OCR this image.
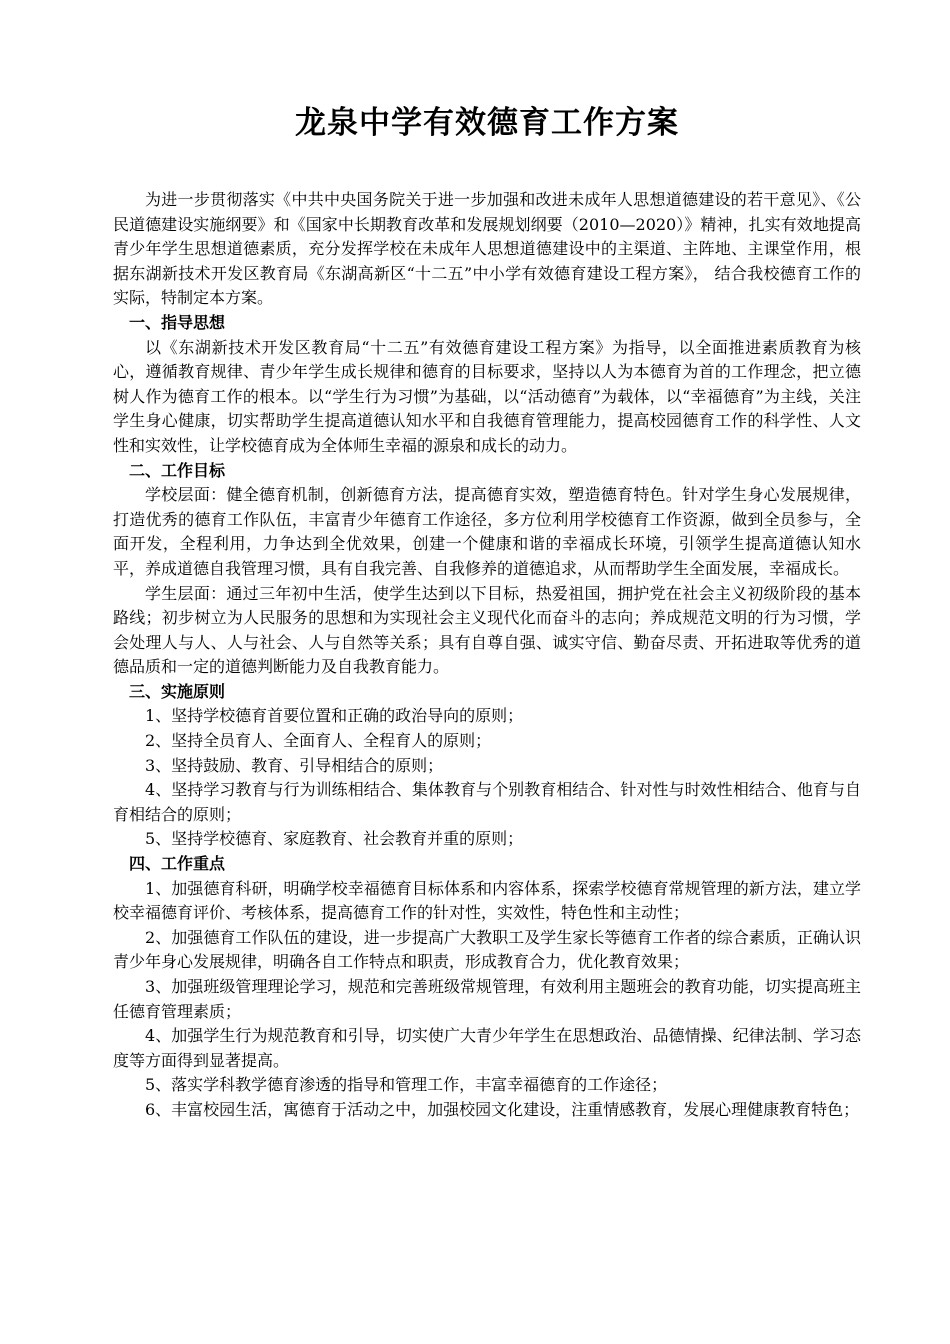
龙泉中学有效德育工作方案

为进一步贯彻落实《中共中央国务院关于进一步加强和改进未成年人思想道德建设的若干意见》、《公民道德建设实施纲要》和《国家中长期教育改革和发展规划纲要（2010—2020）》精神，扎实有效地提高青少年学生思想道德素质，充分发挥学校在未成年人思想道德建设中的主渠道、主阵地、主课堂作用，根据东湖新技术开发区教育局《东湖高新区“十二五”中小学有效德育建设工程方案》， 结合我校德育工作的实际，特制定本方案。

一、指导思想

以《东湖新技术开发区教育局“十二五”有效德育建设工程方案》为指导，以全面推进素质教育为核心，遵循教育规律、青少年学生成长规律和德育的目标要求，坚持以人为本德育为首的工作理念，把立德树人作为德育工作的根本。以“学生行为习惯”为基础，以“活动德育”为载体，以“幸福德育”为主线，关注学生身心健康，切实帮助学生提高道德认知水平和自我德育管理能力，提高校园德育工作的科学性、人文性和实效性，让学校德育成为全体师生幸福的源泉和成长的动力。

二、工作目标

学校层面：健全德育机制，创新德育方法，提高德育实效，塑造德育特色。针对学生身心发展规律，打造优秀的德育工作队伍，丰富青少年德育工作途径，多方位利用学校德育工作资源，做到全员参与，全面开发，全程利用，力争达到全优效果，创建一个健康和谐的幸福成长环境，引领学生提高道德认知水平，养成道德自我管理习惯，具有自我完善、自我修养的道德追求，从而帮助学生全面发展，幸福成长。

学生层面：通过三年初中生活，使学生达到以下目标，热爱祖国，拥护党在社会主义初级阶段的基本路线；初步树立为人民服务的思想和为实现社会主义现代化而奋斗的志向；养成规范文明的行为习惯，学会处理人与人、人与社会、人与自然等关系；具有自尊自强、诚实守信、勤奋尽责、开拓进取等优秀的道德品质和一定的道德判断能力及自我教育能力。

三、实施原则

1、坚持学校德育首要位置和正确的政治导向的原则；

2、坚持全员育人、全面育人、全程育人的原则；

3、坚持鼓励、教育、引导相结合的原则；

4、坚持学习教育与行为训练相结合、集体教育与个别教育相结合、针对性与时效性相结合、他育与自育相结合的原则；

5、坚持学校德育、家庭教育、社会教育并重的原则；

四、工作重点

1、加强德育科研，明确学校幸福德育目标体系和内容体系，探索学校德育常规管理的新方法，建立学校幸福德育评价、考核体系，提高德育工作的针对性，实效性，特色性和主动性；

2、加强德育工作队伍的建设，进一步提高广大教职工及学生家长等德育工作者的综合素质，正确认识青少年身心发展规律，明确各自工作特点和职责，形成教育合力，优化教育效果；

3、加强班级管理理论学习，规范和完善班级常规管理，有效利用主题班会的教育功能，切实提高班主任德育管理素质；

4、加强学生行为规范教育和引导，切实使广大青少年学生在思想政治、品德情操、纪律法制、学习态度等方面得到显著提高。

5、落实学科教学德育渗透的指导和管理工作，丰富幸福德育的工作途径；

6、丰富校园生活，寓德育于活动之中，加强校园文化建设，注重情感教育，发展心理健康教育特色；
